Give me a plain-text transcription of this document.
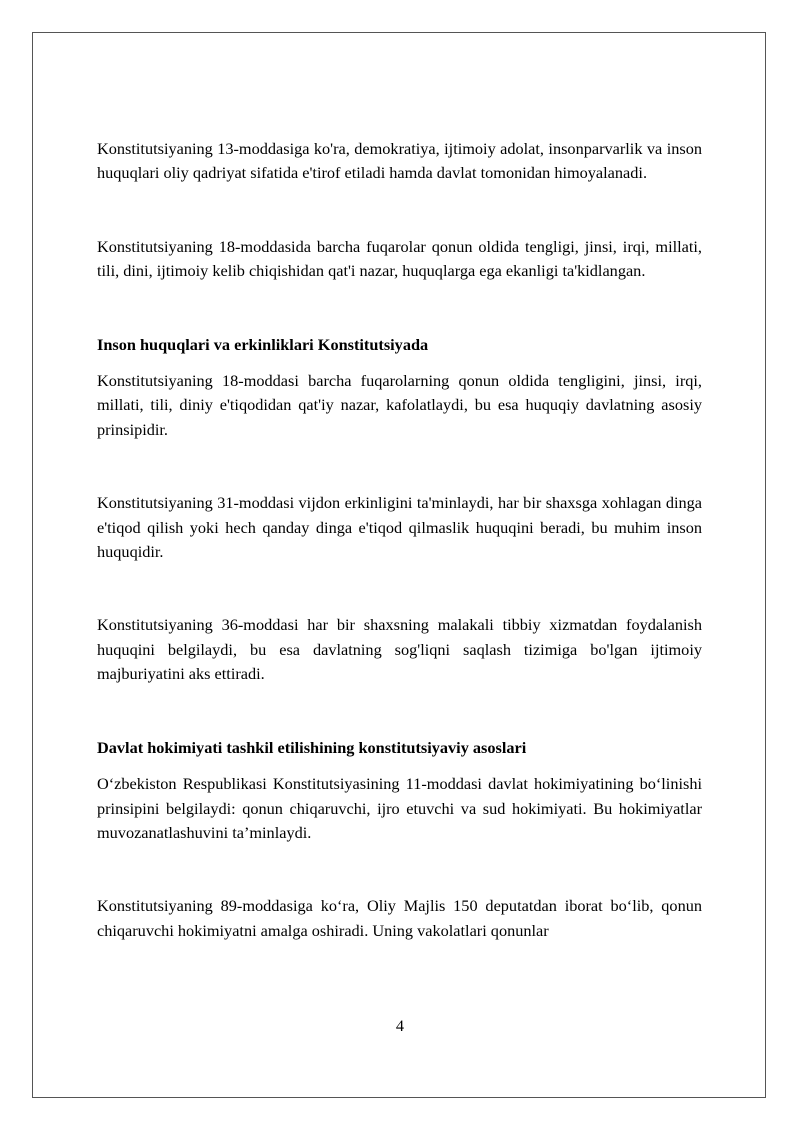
Konstitutsiyaning 13-moddasiga ko'ra, demokratiya, ijtimoiy adolat, insonparvarlik va inson huquqlari oliy qadriyat sifatida e'tirof etiladi hamda davlat tomonidan himoyalanadi.

Konstitutsiyaning 18-moddasida barcha fuqarolar qonun oldida tengligi, jinsi, irqi, millati, tili, dini, ijtimoiy kelib chiqishidan qat'i nazar, huquqlarga ega ekanligi ta'kidlangan.

Inson huquqlari va erkinliklari Konstitutsiyada

Konstitutsiyaning 18-moddasi barcha fuqarolarning qonun oldida tengligini, jinsi, irqi, millati, tili, diniy e'tiqodidan qat'iy nazar, kafolatlaydi, bu esa huquqiy davlatning asosiy prinsipidir.

Konstitutsiyaning 31-moddasi vijdon erkinligini ta'minlaydi, har bir shaxsga xohlagan dinga e'tiqod qilish yoki hech qanday dinga e'tiqod qilmaslik huquqini beradi, bu muhim inson huquqidir.

Konstitutsiyaning 36-moddasi har bir shaxsning malakali tibbiy xizmatdan foydalanish huquqini belgilaydi, bu esa davlatning sog'liqni saqlash tizimiga bo'lgan ijtimoiy majburiyatini aks ettiradi.

Davlat hokimiyati tashkil etilishining konstitutsiyaviy asoslari

O‘zbekiston Respublikasi Konstitutsiyasining 11-moddasi davlat hokimiyatining bo‘linishi prinsipini belgilaydi: qonun chiqaruvchi, ijro etuvchi va sud hokimiyati. Bu hokimiyatlar muvozanatlashuvini ta’minlaydi.

Konstitutsiyaning 89-moddasiga ko‘ra, Oliy Majlis 150 deputatdan iborat bo‘lib, qonun chiqaruvchi hokimiyatni amalga oshiradi. Uning vakolatlari qonunlar

4
